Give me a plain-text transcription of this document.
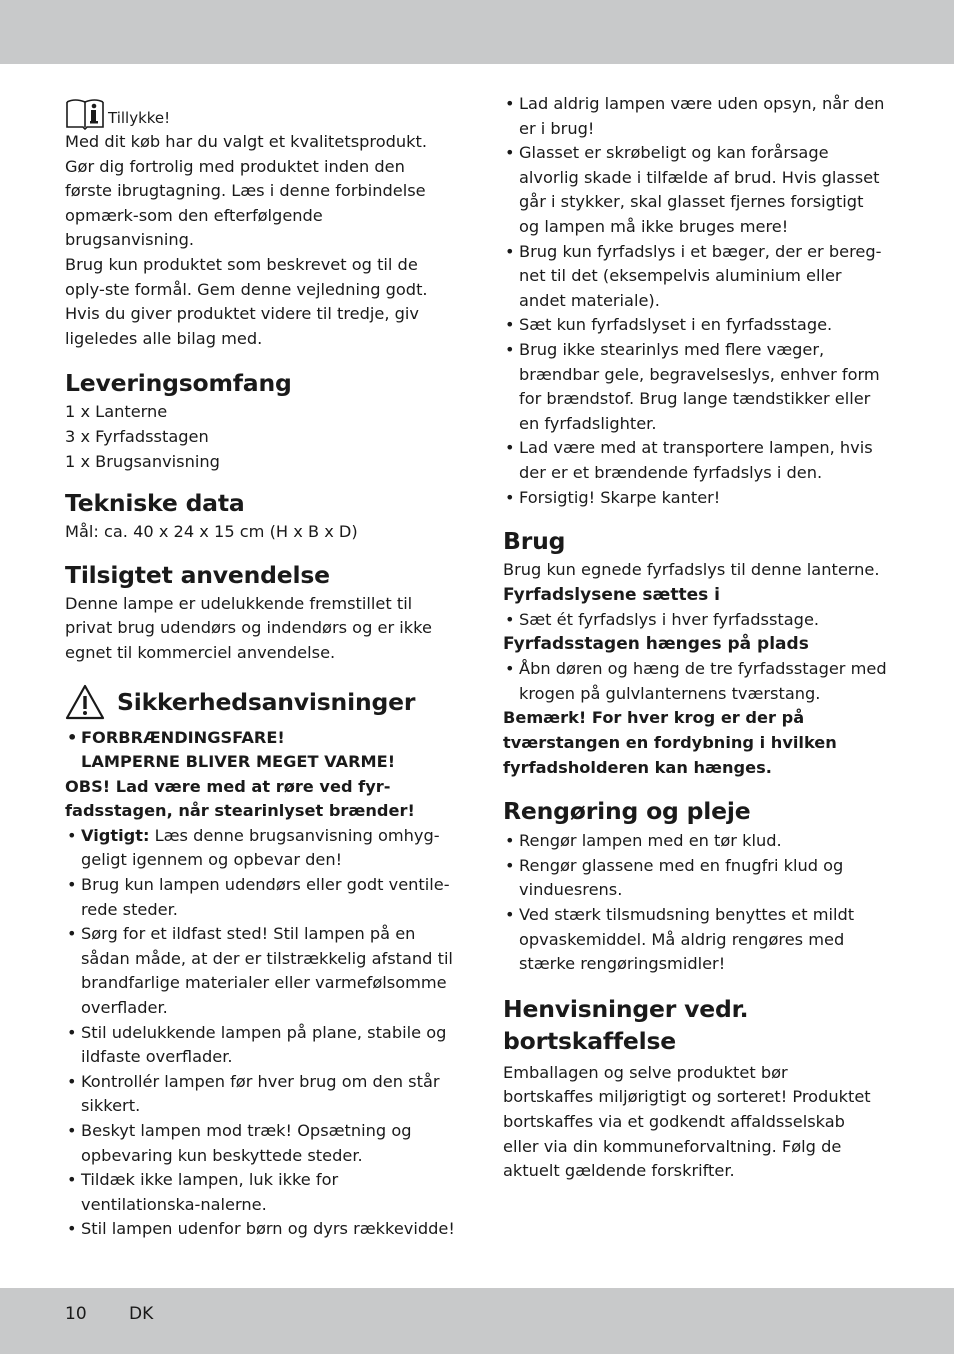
Tillykke!

Med dit køb har du valgt et kvalitetsprodukt. Gør dig fortrolig med produktet inden den første ibrugtagning. Læs i denne forbindelse opmærk-som den efterfølgende brugsanvisning.

Brug kun produktet som beskrevet og til de oply-ste formål. Gem denne vejledning godt. Hvis du giver produktet videre til tredje, giv ligeledes alle bilag med.

Leveringsomfang

1 x Lanterne

3 x Fyrfadsstagen

1 x Brugsanvisning

Tekniske data

Mål: ca. 40 x 24 x 15 cm (H x B x D)

Tilsigtet anvendelse

Denne lampe er udelukkende fremstillet til privat brug udendørs og indendørs og er ikke egnet til kommerciel anvendelse.

Sikkerhedsanvisninger
• FORBRÆNDINGSFARE!
LAMPERNE BLIVER MEGET VARME!

OBS! Lad være med at røre ved fyr-fadsstagen, når stearinlyset brænder!

• Vigtigt: Læs denne brugsanvisning omhyg-geligt igennem og opbevar den!
• Brug kun lampen udendørs eller godt ventile-rede steder.
• Sørg for et ildfast sted! Stil lampen på en sådan måde, at der er tilstrækkelig afstand til brandfarlige materialer eller varmefølsomme overflader.
• Stil udelukkende lampen på plane, stabile og ildfaste overflader.
• Kontrollér lampen før hver brug om den står sikkert.
• Beskyt lampen mod træk! Opsætning og opbevaring kun beskyttede steder.
• Tildæk ikke lampen, luk ikke for ventilationska-nalerne.
• Stil lampen udenfor børn og dyrs rækkevidde!
• Lad aldrig lampen være uden opsyn, når den er i brug!
• Glasset er skrøbeligt og kan forårsage alvorlig skade i tilfælde af brud. Hvis glasset går i stykker, skal glasset fjernes forsigtigt og lampen må ikke bruges mere!
• Brug kun fyrfadslys i et bæger, der er bereg-net til det (eksempelvis aluminium eller andet materiale).
• Sæt kun fyrfadslyset i en fyrfadsstage.
• Brug ikke stearinlys med flere væger, brændbar gele, begravelseslys, enhver form for brændstof. Brug lange tændstikker eller en fyrfadslighter.
• Lad være med at transportere lampen, hvis der er et brændende fyrfadslys i den.
• Forsigtig! Skarpe kanter!
Brug

Brug kun egnede fyrfadslys til denne lanterne.

Fyrfadslysene sættes i
• Sæt ét fyrfadslys i hver fyrfadsstage.
Fyrfadsstagen hænges på plads
• Åbn døren og hæng de tre fyrfadsstager med krogen på gulvlanternens tværstang.

Bemærk! For hver krog er der på tværstangen en fordybning i hvilken fyrfadsholderen kan hænges.

Rengøring og pleje
• Rengør lampen med en tør klud.
• Rengør glassene med en fnugfri klud og vinduesrens.
• Ved stærk tilsmudsning benyttes et mildt opvaskemiddel. Må aldrig rengøres med stærke rengøringsmidler!
Henvisninger vedr. bortskaffelse

Emballagen og selve produktet bør bortskaffes miljørigtigt og sorteret! Produktet bortskaffes via et godkendt affaldsselskab eller via din kommuneforvaltning. Følg de aktuelt gældende forskrifter.

10 DK
